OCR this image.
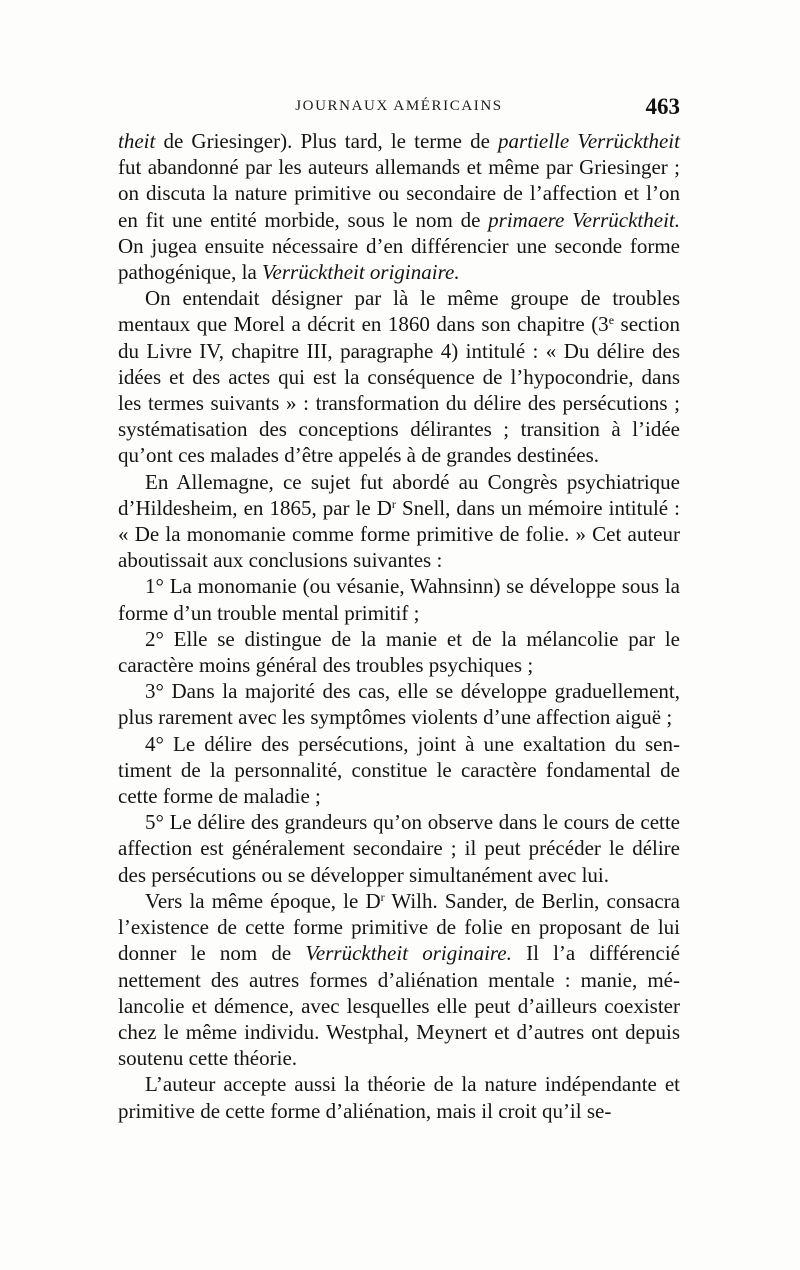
JOURNAUX AMÉRICAINS	463

theit de Griesinger). Plus tard, le terme de partielle Verrücktheit fut abandonné par les auteurs allemands et même par Griesinger ; on discuta la nature primitive ou secondaire de l’affection et l’on en fit une entité morbide, sous le nom de primaere Verrücktheit. On jugea ensuite nécessaire d’en différencier une seconde forme pathogénique, la Verrücktheit originaire.

On entendait désigner par là le même groupe de troubles mentaux que Morel a décrit en 1860 dans son chapitre (3e section du Livre IV, chapitre III, paragraphe 4) intitulé : « Du délire des idées et des actes qui est la conséquence de l’hypocondrie, dans les termes suivants » : transformation du délire des persécutions ; systématisation des conceptions délirantes ; transition à l’idée qu’ont ces malades d’être appelés à de grandes destinées.

En Allemagne, ce sujet fut abordé au Congrès psychiatrique d’Hildesheim, en 1865, par le $D^r$ Snell, dans un mémoire intitulé : « De la monomanie comme forme primitive de folie. » Cet auteur aboutissait aux conclusions suivantes :

1° La monomanie (ou vésanie, Wahnsinn) se développe sous la forme d’un trouble mental primitif ;

2° Elle se distingue de la manie et de la mélancolie par le caractère moins général des troubles psychiques ;

3° Dans la majorité des cas, elle se développe graduellement, plus rarement avec les symptômes violents d’une affection aiguë ;

4° Le délire des persécutions, joint à une exaltation du sentiment de la personnalité, constitue le caractère fondamental de cette forme de maladie ;

5° Le délire des grandeurs qu’on observe dans le cours de cette affection est généralement secondaire ; il peut précéder le délire des persécutions ou se développer simultanément avec lui.

Vers la même époque, le $D^r$ Wilh. Sander, de Berlin, consacra l’existence de cette forme primitive de folie en proposant de lui donner le nom de Verrücktheit originaire. Il l’a différencié nettement des autres formes d’aliénation mentale : manie, mélancolie et démence, avec lesquelles elle peut d’ailleurs coexister chez le même individu. Westphal, Meynert et d’autres ont depuis soutenu cette théorie.

L’auteur accepte aussi la théorie de la nature indépendante et primitive de cette forme d’aliénation, mais il croit qu’il se-
